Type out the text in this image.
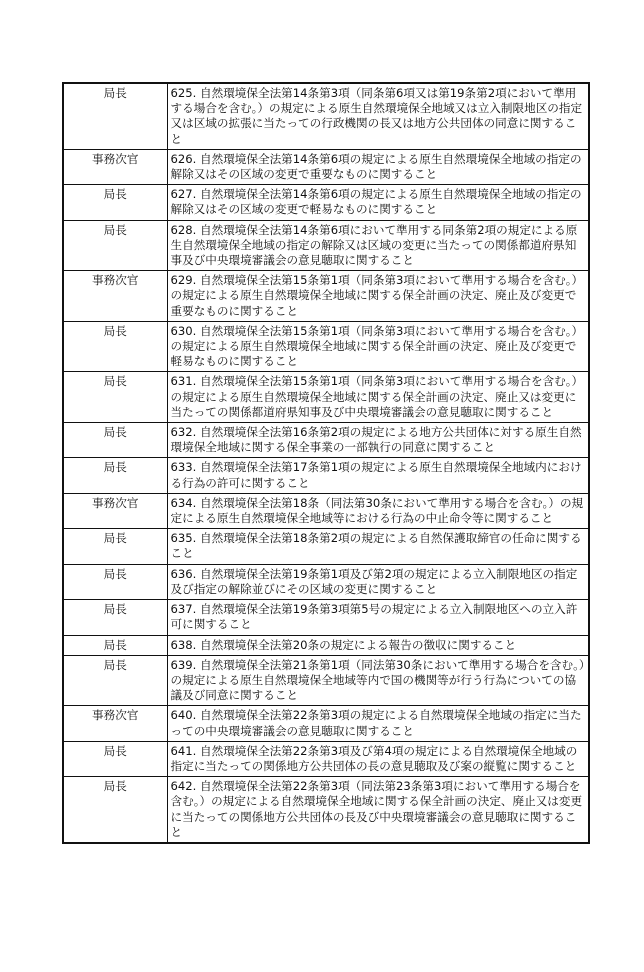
局長	625. 自然環境保全法第14条第3項（同条第6項又は第19条第2項において準用する場合を含む。）の規定による原生自然環境保全地域又は立入制限地区の指定又は区域の拡張に当たっての行政機関の長又は地方公共団体の同意に関すること
事務次官	626. 自然環境保全法第14条第6項の規定による原生自然環境保全地域の指定の解除又はその区域の変更で重要なものに関すること
局長	627. 自然環境保全法第14条第6項の規定による原生自然環境保全地域の指定の解除又はその区域の変更で軽易なものに関すること
局長	628. 自然環境保全法第14条第6項において準用する同条第2項の規定による原生自然環境保全地域の指定の解除又は区域の変更に当たっての関係都道府県知事及び中央環境審議会の意見聴取に関すること
事務次官	629. 自然環境保全法第15条第1項（同条第3項において準用する場合を含む。）の規定による原生自然環境保全地域に関する保全計画の決定、廃止及び変更で重要なものに関すること
局長	630. 自然環境保全法第15条第1項（同条第3項において準用する場合を含む。）の規定による原生自然環境保全地域に関する保全計画の決定、廃止及び変更で軽易なものに関すること
局長	631. 自然環境保全法第15条第1項（同条第3項において準用する場合を含む。）の規定による原生自然環境保全地域に関する保全計画の決定、廃止又は変更に当たっての関係都道府県知事及び中央環境審議会の意見聴取に関すること
局長	632. 自然環境保全法第16条第2項の規定による地方公共団体に対する原生自然環境保全地域に関する保全事業の一部執行の同意に関すること
局長	633. 自然環境保全法第17条第1項の規定による原生自然環境保全地域内における行為の許可に関すること
事務次官	634. 自然環境保全法第18条（同法第30条において準用する場合を含む。）の規定による原生自然環境保全地域等における行為の中止命令等に関すること
局長	635. 自然環境保全法第18条第2項の規定による自然保護取締官の任命に関すること
局長	636. 自然環境保全法第19条第1項及び第2項の規定による立入制限地区の指定及び指定の解除並びにその区域の変更に関すること
局長	637. 自然環境保全法第19条第3項第5号の規定による立入制限地区への立入許可に関すること
局長	638. 自然環境保全法第20条の規定による報告の徴収に関すること
局長	639. 自然環境保全法第21条第1項（同法第30条において準用する場合を含む。）の規定による原生自然環境保全地域等内で国の機関等が行う行為についての協議及び同意に関すること
事務次官	640. 自然環境保全法第22条第3項の規定による自然環境保全地域の指定に当たっての中央環境審議会の意見聴取に関すること
局長	641. 自然環境保全法第22条第3項及び第4項の規定による自然環境保全地域の指定に当たっての関係地方公共団体の長の意見聴取及び案の縦覧に関すること
局長	642. 自然環境保全法第22条第3項（同法第23条第3項において準用する場合を含む。）の規定による自然環境保全地域に関する保全計画の決定、廃止又は変更に当たっての関係地方公共団体の長及び中央環境審議会の意見聴取に関すること
